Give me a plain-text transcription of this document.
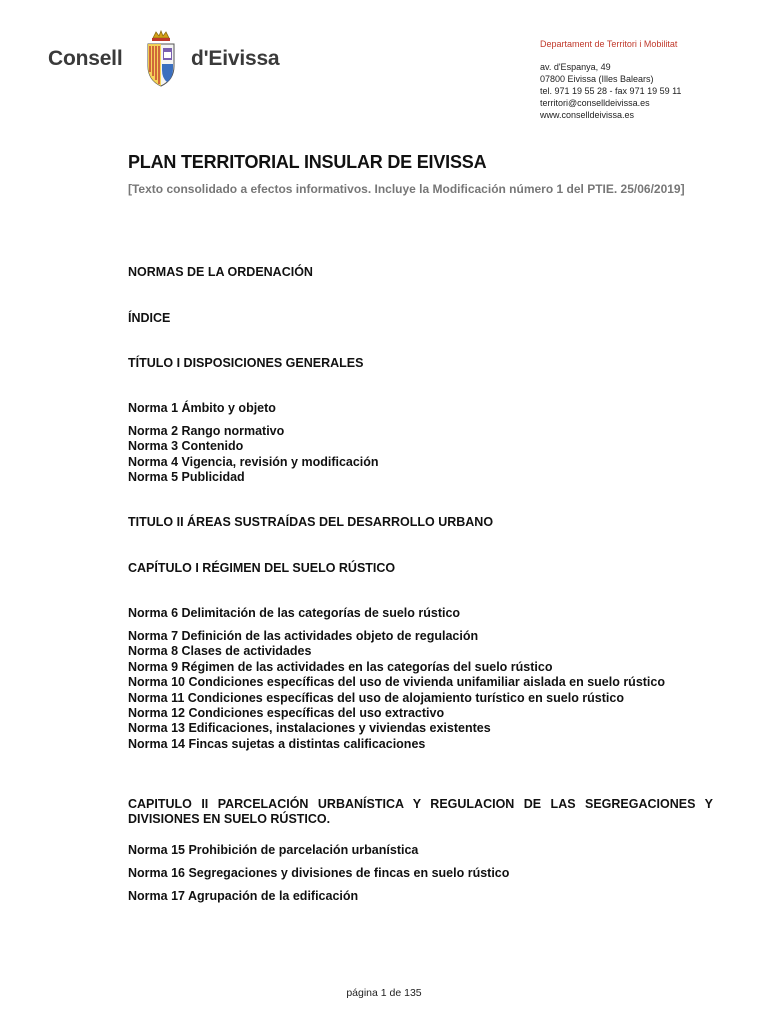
Consell	d'Eivissa
Departament de Territori i Mobilitat
av. d'Espanya, 49
07800 Eivissa (Illes Balears)
tel. 971 19 55 28 - fax 971 19 59 11
territori@conselldeivissa.es
www.conselldeivissa.es
PLAN TERRITORIAL INSULAR DE EIVISSA
[Texto consolidado a efectos informativos. Incluye la Modificación número 1 del PTIE. 25/06/2019]
NORMAS DE LA ORDENACIÓN
ÍNDICE
TÍTULO I DISPOSICIONES GENERALES
Norma 1 Ámbito y objeto
Norma 2 Rango normativo
Norma 3 Contenido
Norma 4 Vigencia, revisión y modificación
Norma 5 Publicidad
TITULO II ÁREAS SUSTRAÍDAS DEL DESARROLLO URBANO
CAPÍTULO I RÉGIMEN DEL SUELO RÚSTICO
Norma 6 Delimitación de las categorías de suelo rústico
Norma 7 Definición de las actividades objeto de regulación
Norma 8 Clases de actividades
Norma 9 Régimen de las actividades en las categorías del suelo rústico
Norma 10 Condiciones específicas del uso de vivienda unifamiliar aislada en suelo rústico
Norma 11 Condiciones específicas del uso de alojamiento turístico en suelo rústico
Norma 12 Condiciones específicas del uso extractivo
Norma 13 Edificaciones, instalaciones y viviendas existentes
Norma 14 Fincas sujetas a distintas calificaciones
CAPITULO II PARCELACIÓN URBANÍSTICA Y REGULACION DE LAS SEGREGACIONES Y DIVISIONES EN SUELO RÚSTICO.
Norma 15 Prohibición de parcelación urbanística
Norma 16 Segregaciones y divisiones de fincas en suelo rústico
Norma 17 Agrupación de la edificación
página 1 de 135
